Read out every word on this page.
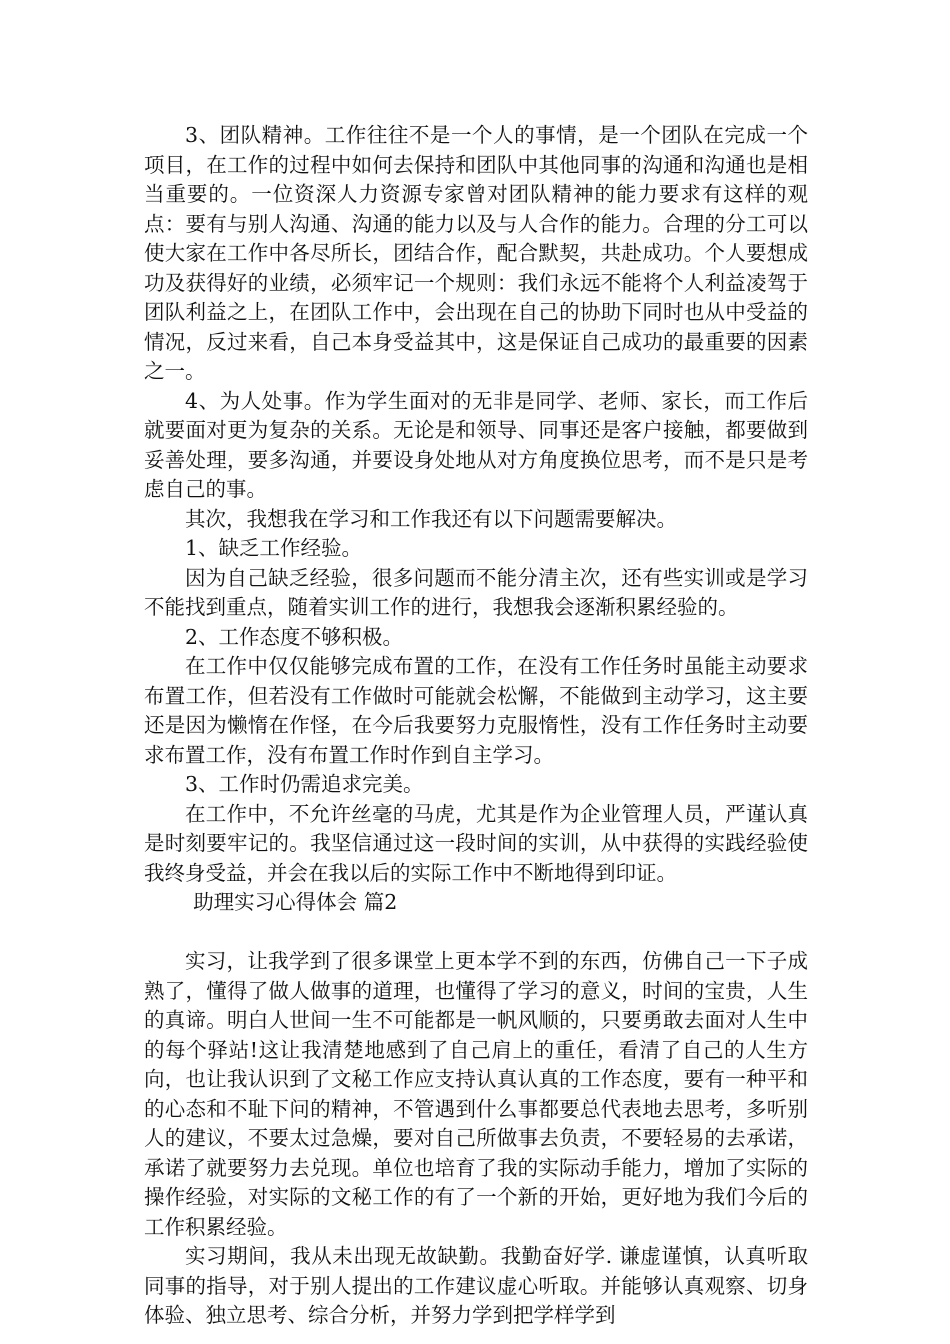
3、团队精神。工作往往不是一个人的事情，是一个团队在完成一个项目，在工作的过程中如何去保持和团队中其他同事的沟通和沟通也是相当重要的。一位资深人力资源专家曾对团队精神的能力要求有这样的观点：要有与别人沟通、沟通的能力以及与人合作的能力。合理的分工可以使大家在工作中各尽所长，团结合作，配合默契，共赴成功。个人要想成功及获得好的业绩，必须牢记一个规则：我们永远不能将个人利益凌驾于团队利益之上，在团队工作中，会出现在自己的协助下同时也从中受益的情况，反过来看，自己本身受益其中，这是保证自己成功的最重要的因素之一。

4、为人处事。作为学生面对的无非是同学、老师、家长，而工作后就要面对更为复杂的关系。无论是和领导、同事还是客户接触，都要做到妥善处理，要多沟通，并要设身处地从对方角度换位思考，而不是只是考虑自己的事。

其次，我想我在学习和工作我还有以下问题需要解决。

1、缺乏工作经验。

因为自己缺乏经验，很多问题而不能分清主次，还有些实训或是学习不能找到重点，随着实训工作的进行，我想我会逐渐积累经验的。

2、工作态度不够积极。

在工作中仅仅能够完成布置的工作，在没有工作任务时虽能主动要求布置工作，但若没有工作做时可能就会松懈，不能做到主动学习，这主要还是因为懒惰在作怪，在今后我要努力克服惰性，没有工作任务时主动要求布置工作，没有布置工作时作到自主学习。

3、工作时仍需追求完美。

在工作中，不允许丝毫的马虎，尤其是作为企业管理人员，严谨认真是时刻要牢记的。我坚信通过这一段时间的实训，从中获得的实践经验使我终身受益，并会在我以后的实际工作中不断地得到印证。

助理实习心得体会 篇2

实习，让我学到了很多课堂上更本学不到的东西，仿佛自己一下子成熟了，懂得了做人做事的道理，也懂得了学习的意义，时间的宝贵，人生的真谛。明白人世间一生不可能都是一帆风顺的，只要勇敢去面对人生中的每个驿站!这让我清楚地感到了自己肩上的重任，看清了自己的人生方向，也让我认识到了文秘工作应支持认真认真的工作态度，要有一种平和的心态和不耻下问的精神，不管遇到什么事都要总代表地去思考，多听别人的建议，不要太过急燥，要对自己所做事去负责，不要轻易的去承诺，承诺了就要努力去兑现。单位也培育了我的实际动手能力，增加了实际的操作经验，对实际的文秘工作的有了一个新的开始，更好地为我们今后的工作积累经验。

实习期间，我从未出现无故缺勤。我勤奋好学. 谦虚谨慎，认真听取同事的指导，对于别人提出的工作建议虚心听取。并能够认真观察、切身体验、独立思考、综合分析，并努力学到把学样学到
